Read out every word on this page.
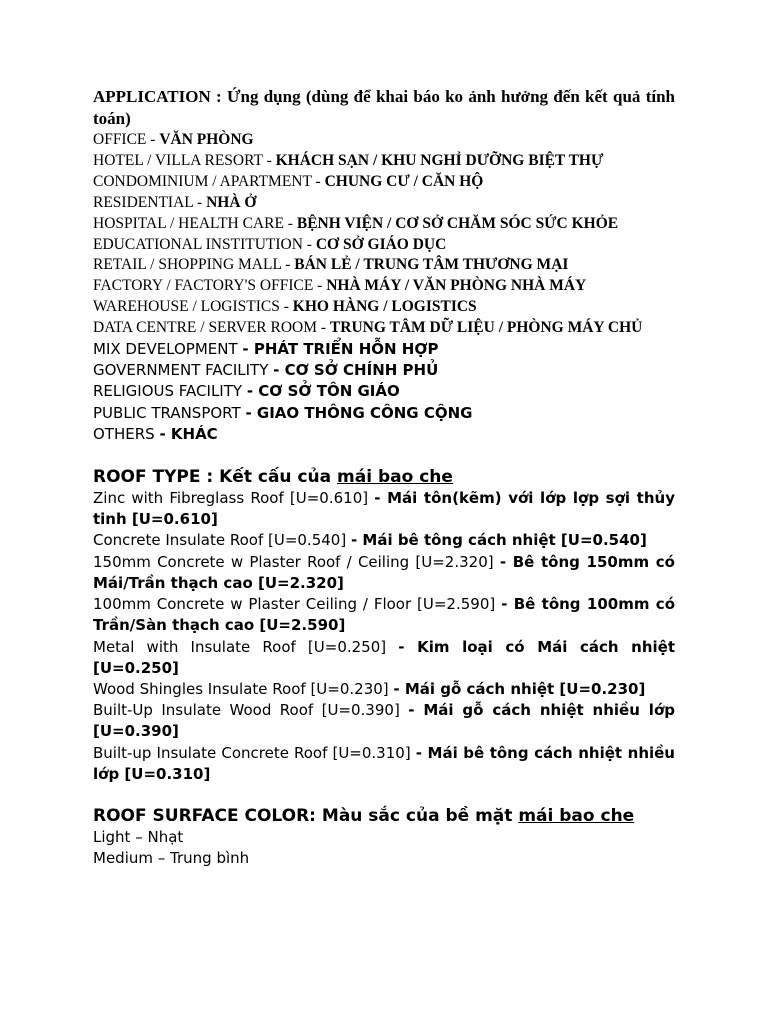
APPLICATION : Ứng dụng (dùng để khai báo ko ảnh hưởng đến kết quả tính toán)

OFFICE - VĂN PHÒNG
HOTEL / VILLA RESORT - KHÁCH SẠN / KHU NGHỈ DƯỠNG BIỆT THỰ
CONDOMINIUM / APARTMENT - CHUNG CƯ / CĂN HỘ
RESIDENTIAL - NHÀ Ở
HOSPITAL / HEALTH CARE - BỆNH VIỆN / CƠ SỞ CHĂM SÓC SỨC KHỎE
EDUCATIONAL INSTITUTION - CƠ SỞ GIÁO DỤC
RETAIL / SHOPPING MALL - BÁN LẺ / TRUNG TÂM THƯƠNG MẠI
FACTORY / FACTORY'S OFFICE - NHÀ MÁY / VĂN PHÒNG NHÀ MÁY
WAREHOUSE / LOGISTICS - KHO HÀNG / LOGISTICS
DATA CENTRE / SERVER ROOM - TRUNG TÂM DỮ LIỆU / PHÒNG MÁY CHỦ
MIX DEVELOPMENT - PHÁT TRIỂN HỖN HỢP
GOVERNMENT FACILITY - CƠ SỞ CHÍNH PHỦ
RELIGIOUS FACILITY - CƠ SỞ TÔN GIÁO
PUBLIC TRANSPORT - GIAO THÔNG CÔNG CỘNG
OTHERS - KHÁC

ROOF TYPE : Kết cấu của mái bao che

Zinc with Fibreglass Roof [U=0.610] - Mái tôn(kẽm) với lớp lợp sợi thủy tinh [U=0.610]
Concrete Insulate Roof [U=0.540] - Mái bê tông cách nhiệt [U=0.540]
150mm Concrete w Plaster Roof / Ceiling [U=2.320] - Bê tông 150mm có Mái/Trần thạch cao [U=2.320]
100mm Concrete w Plaster Ceiling / Floor [U=2.590] - Bê tông 100mm có Trần/Sàn thạch cao [U=2.590]
Metal with Insulate Roof [U=0.250] - Kim loại có Mái cách nhiệt [U=0.250]
Wood Shingles Insulate Roof [U=0.230] - Mái gỗ cách nhiệt [U=0.230]
Built-Up Insulate Wood Roof [U=0.390] - Mái gỗ cách nhiệt nhiều lớp [U=0.390]
Built-up Insulate Concrete Roof [U=0.310] - Mái bê tông cách nhiệt nhiều lớp [U=0.310]

ROOF SURFACE COLOR: Màu sắc của bề mặt mái bao che

Light – Nhạt
Medium – Trung bình
